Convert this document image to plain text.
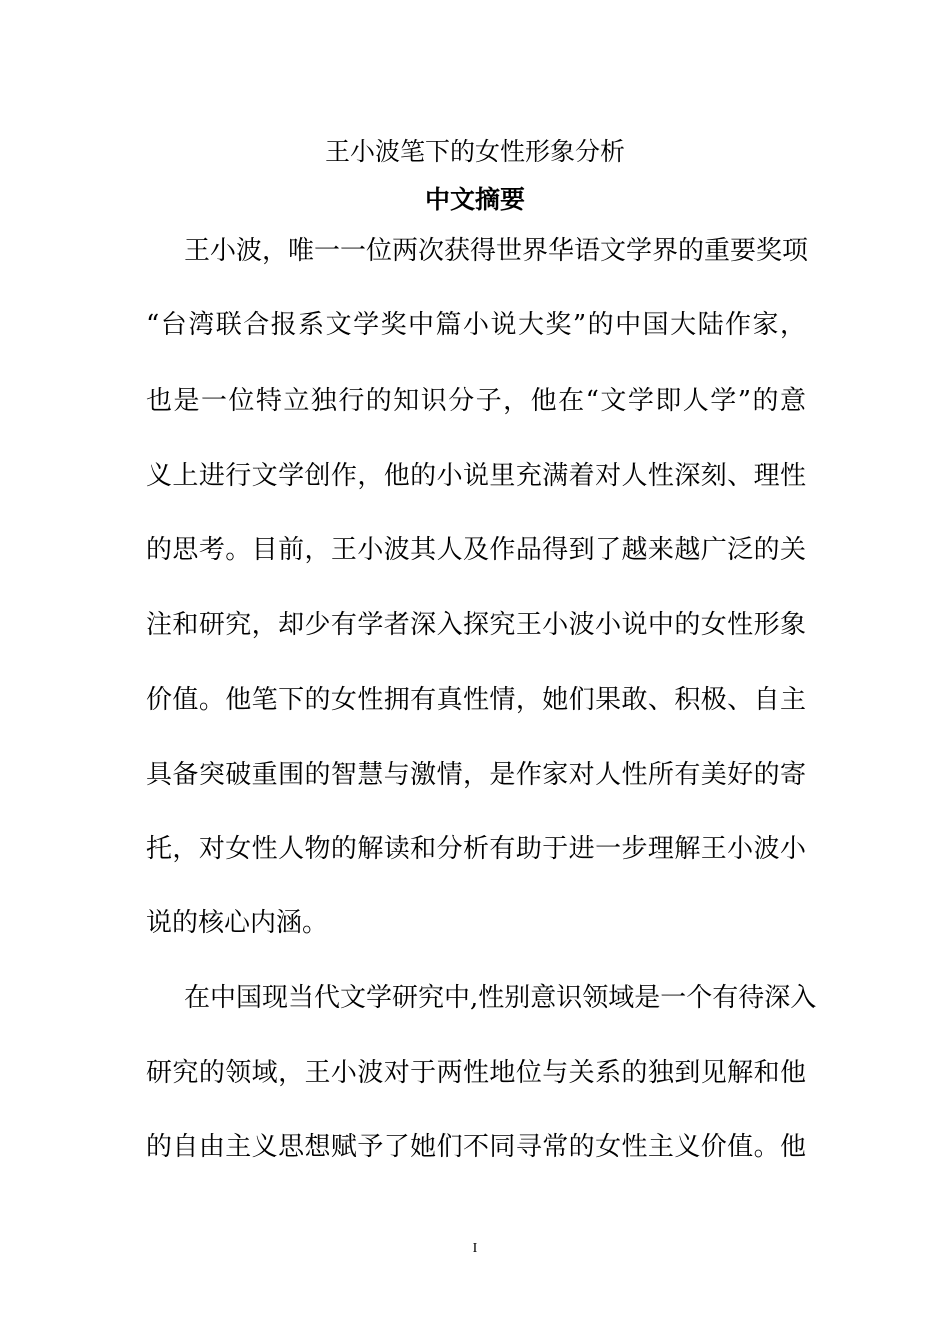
王小波笔下的女性形象分析
中文摘要
王小波，唯一一位两次获得世界华语文学界的重要奖项
“台湾联合报系文学奖中篇小说大奖”的中国大陆作家，
也是一位特立独行的知识分子，他在“文学即人学”的意
义上进行文学创作，他的小说里充满着对人性深刻、理性
的思考。目前，王小波其人及作品得到了越来越广泛的关
注和研究，却少有学者深入探究王小波小说中的女性形象
价值。他笔下的女性拥有真性情，她们果敢、积极、自主
具备突破重围的智慧与激情，是作家对人性所有美好的寄
托，对女性人物的解读和分析有助于进一步理解王小波小
说的核心内涵。
在中国现当代文学研究中,性别意识领域是一个有待深入
研究的领域，王小波对于两性地位与关系的独到见解和他
的自由主义思想赋予了她们不同寻常的女性主义价值。他
I
